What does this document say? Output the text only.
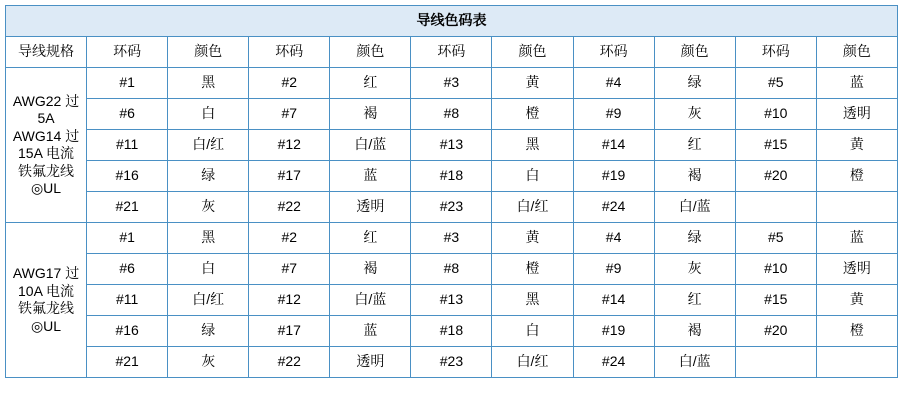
导线色码表										
导线规格	环码	颜色	环码	颜色	环码	颜色	环码	颜色	环码	颜色

AWG22 过
5A
AWG14 过
15A 电流
铁氟龙线
◎UL
	#1	黑	#2	红	#3	黄	#4	绿	#5	蓝
	#6	白	#7	褐	#8	橙	#9	灰	#10	透明
	#11	白/红	#12	白/蓝	#13	黑	#14	红	#15	黄
	#16	绿	#17	蓝	#18	白	#19	褐	#20	橙
	#21	灰	#22	透明	#23	白/红	#24	白/蓝		

AWG17 过
10A 电流
铁氟龙线
◎UL	#1	黑	#2	红	#3	黄	#4	绿	#5	蓝
	#6	白	#7	褐	#8	橙	#9	灰	#10	透明
	#11	白/红	#12	白/蓝	#13	黑	#14	红	#15	黄
	#16	绿	#17	蓝	#18	白	#19	褐	#20	橙
	#21	灰	#22	透明	#23	白/红	#24	白/蓝		
